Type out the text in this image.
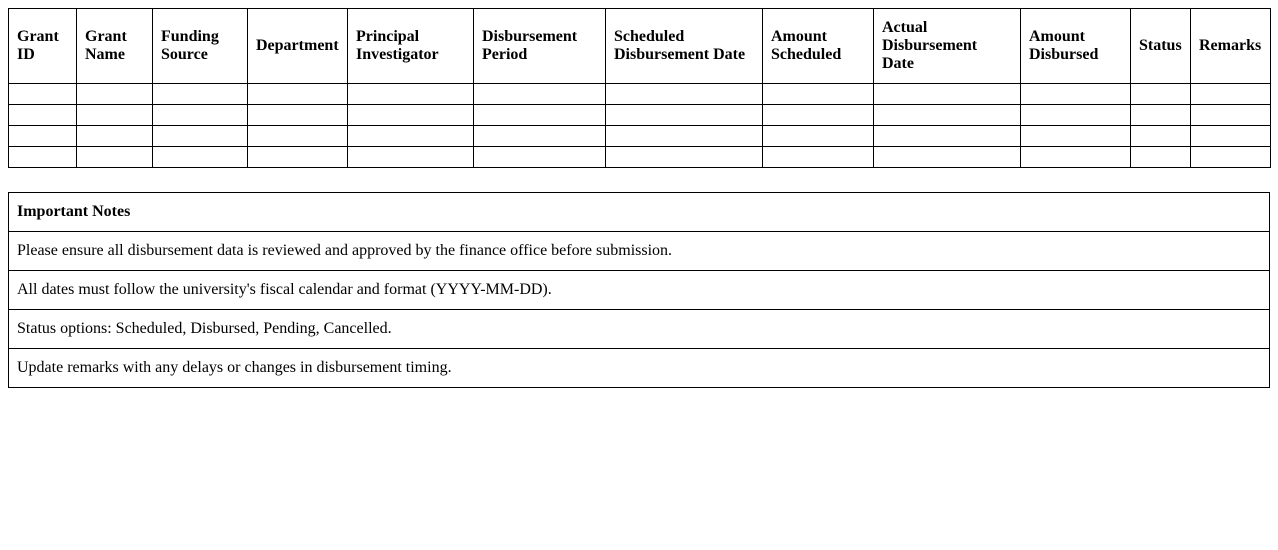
Grant ID	Grant Name	Funding Source	Department	Principal Investigator	Disbursement Period	Scheduled Disbursement Date	Amount Scheduled	Actual Disbursement Date	Amount Disbursed	Status	Remarks

Important Notes
Please ensure all disbursement data is reviewed and approved by the finance office before submission.
All dates must follow the university's fiscal calendar and format (YYYY-MM-DD).
Status options: Scheduled, Disbursed, Pending, Cancelled.
Update remarks with any delays or changes in disbursement timing.
